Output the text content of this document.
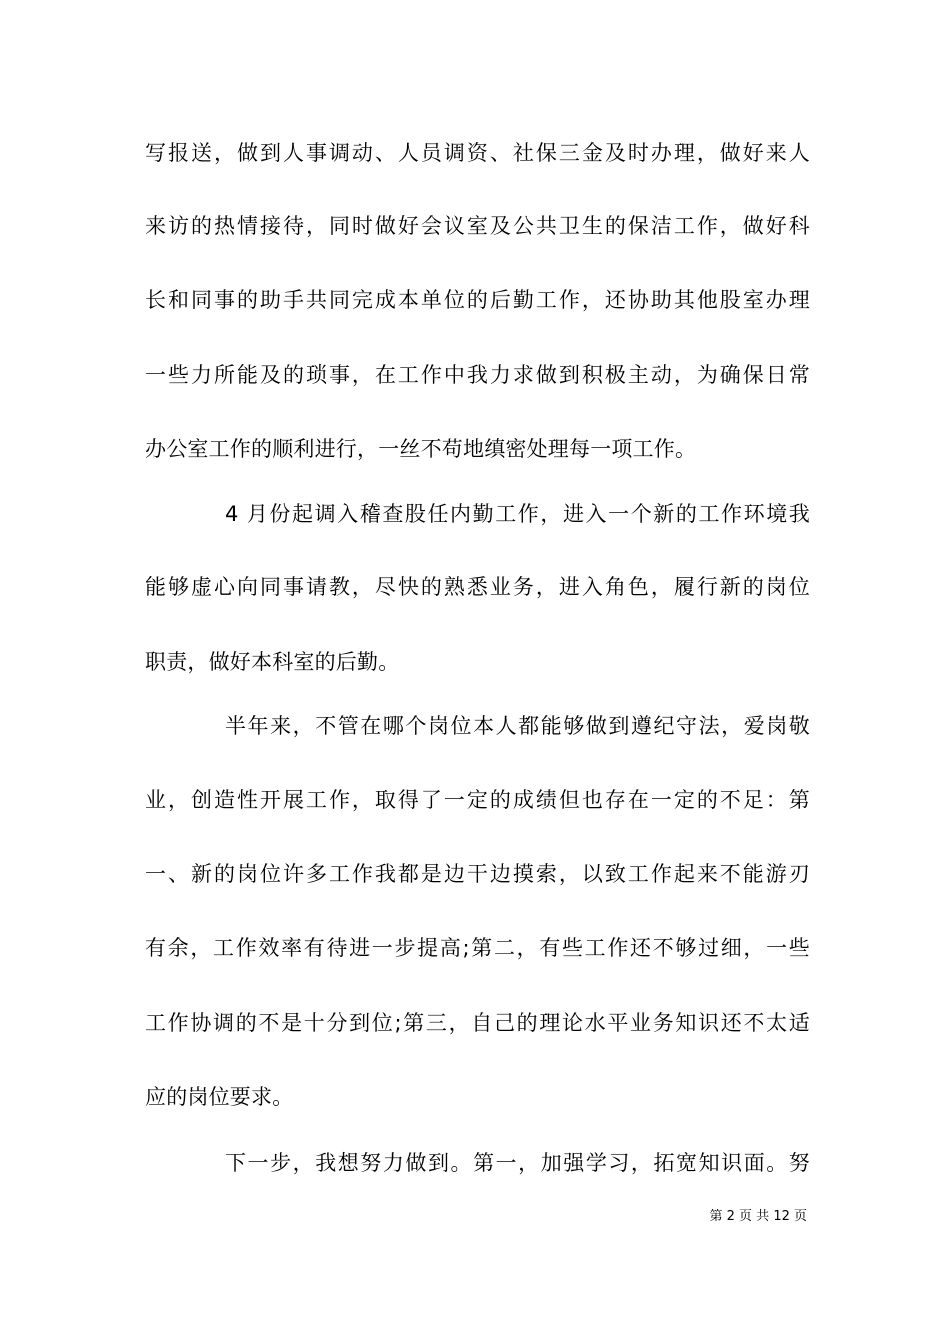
写报送，做到人事调动、人员调资、社保三金及时办理，做好来人
来访的热情接待，同时做好会议室及公共卫生的保洁工作，做好科
长和同事的助手共同完成本单位的后勤工作，还协助其他股室办理
一些力所能及的琐事，在工作中我力求做到积极主动，为确保日常
办公室工作的顺利进行，一丝不苟地缜密处理每一项工作。
4 月份起调入稽查股任内勤工作，进入一个新的工作环境我
能够虚心向同事请教，尽快的熟悉业务，进入角色，履行新的岗位
职责，做好本科室的后勤。
半年来，不管在哪个岗位本人都能够做到遵纪守法，爱岗敬
业，创造性开展工作，取得了一定的成绩但也存在一定的不足：第
一、新的岗位许多工作我都是边干边摸索，以致工作起来不能游刃
有余，工作效率有待进一步提高;第二，有些工作还不够过细，一些
工作协调的不是十分到位;第三，自己的理论水平业务知识还不太适
应的岗位要求。
下一步，我想努力做到。第一，加强学习，拓宽知识面。努
第 2 页 共 12 页
